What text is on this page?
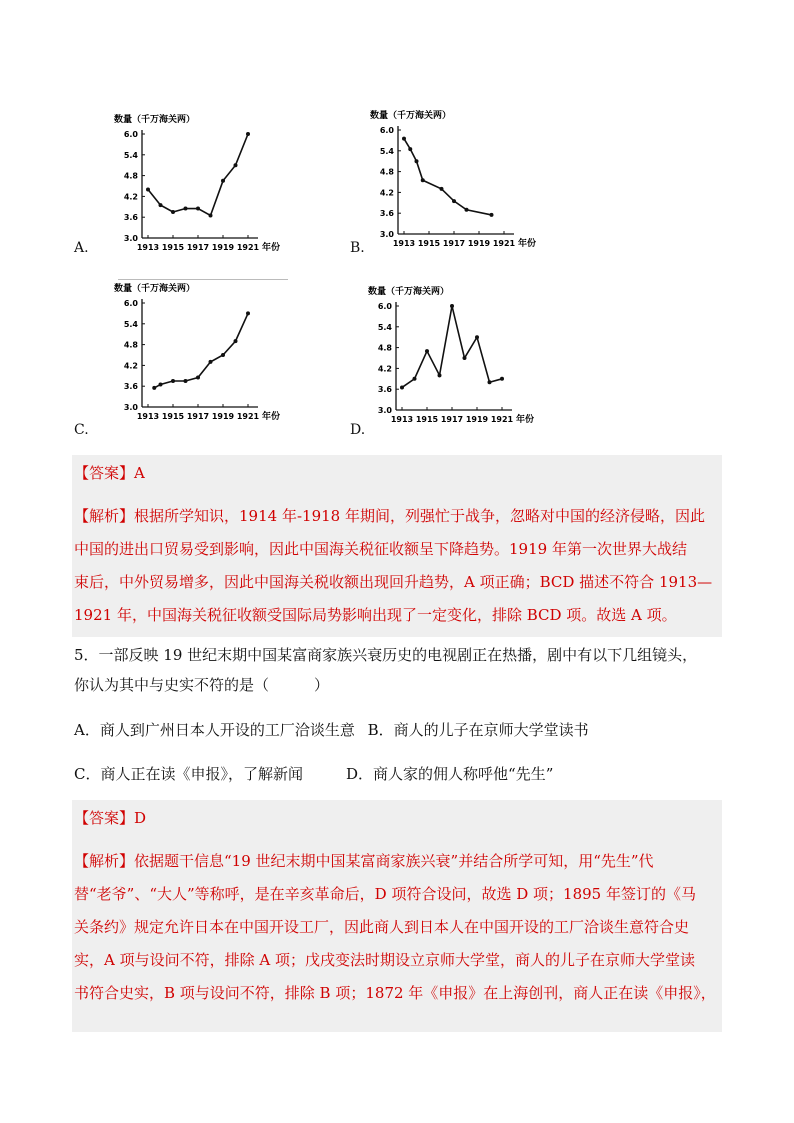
数量（千万海关两）
6.0
5.4
4.8
4.2
3.6
3.0
1913 1915 1917 1919 1921 年份
A.
数量（千万海关两）
6.0
5.4
4.8
4.2
3.6
3.0
1913 1915 1917 1919 1921 年份
B.
数量（千万海关两）
6.0
5.4
4.8
4.2
3.6
3.0
1913 1915 1917 1919 1921 年份
C.
数量（千万海关两）
6.0
5.4
4.8
4.2
3.6
3.0
1913 1915 1917 1919 1921 年份
D.
【答案】A
【解析】根据所学知识，1914 年-1918 年期间，列强忙于战争，忽略对中国的经济侵略，因此
中国的进出口贸易受到影响，因此中国海关税征收额呈下降趋势。1919 年第一次世界大战结
束后，中外贸易增多，因此中国海关税收额出现回升趋势，A 项正确；BCD 描述不符合 1913—
1921 年，中国海关税征收额受国际局势影响出现了一定变化，排除 BCD 项。故选 A 项。
5．一部反映 19 世纪末期中国某富商家族兴衰历史的电视剧正在热播，剧中有以下几组镜头，
你认为其中与史实不符的是（　　　）
A．商人到广州日本人开设的工厂洽谈生意 B．商人的儿子在京师大学堂读书
C．商人正在读《申报》，了解新闻	D．商人家的佣人称呼他“先生”
【答案】D
【解析】依据题干信息“19 世纪末期中国某富商家族兴衰”并结合所学可知，用“先生”代
替“老爷”、“大人”等称呼，是在辛亥革命后，D 项符合设问，故选 D 项；1895 年签订的《马
关条约》规定允许日本在中国开设工厂，因此商人到日本人在中国开设的工厂洽谈生意符合史
实，A 项与设问不符，排除 A 项；戊戌变法时期设立京师大学堂，商人的儿子在京师大学堂读
书符合史实，B 项与设问不符，排除 B 项；1872 年《申报》在上海创刊，商人正在读《申报》，
